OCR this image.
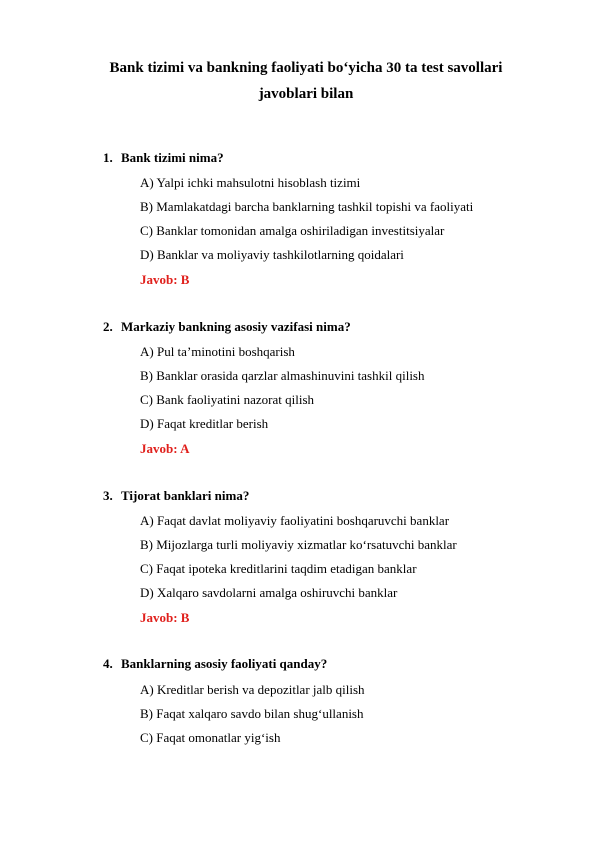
Bank tizimi va bankning faoliyati bo‘yicha 30 ta test savollari
javoblari bilan
1. Bank tizimi nima?
A) Yalpi ichki mahsulotni hisoblash tizimi
B) Mamlakatdagi barcha banklarning tashkil topishi va faoliyati
C) Banklar tomonidan amalga oshiriladigan investitsiyalar
D) Banklar va moliyaviy tashkilotlarning qoidalari
Javob: B
2. Markaziy bankning asosiy vazifasi nima?
A) Pul ta’minotini boshqarish
B) Banklar orasida qarzlar almashinuvini tashkil qilish
C) Bank faoliyatini nazorat qilish
D) Faqat kreditlar berish
Javob: A
3. Tijorat banklari nima?
A) Faqat davlat moliyaviy faoliyatini boshqaruvchi banklar
B) Mijozlarga turli moliyaviy xizmatlar ko‘rsatuvchi banklar
C) Faqat ipoteka kreditlarini taqdim etadigan banklar
D) Xalqaro savdolarni amalga oshiruvchi banklar
Javob: B
4. Banklarning asosiy faoliyati qanday?
A) Kreditlar berish va depozitlar jalb qilish
B) Faqat xalqaro savdo bilan shug‘ullanish
C) Faqat omonatlar yig‘ish
